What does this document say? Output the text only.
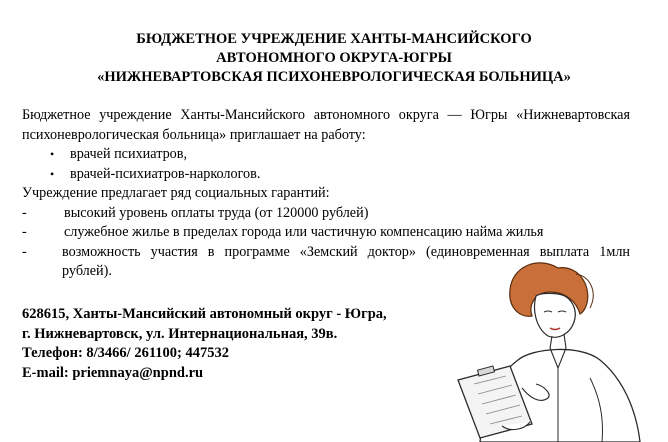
БЮДЖЕТНОЕ УЧРЕЖДЕНИЕ ХАНТЫ-МАНСИЙСКОГО
АВТОНОМНОГО ОКРУГА-ЮГРЫ
«НИЖНЕВАРТОВСКАЯ ПСИХОНЕВРОЛОГИЧЕСКАЯ БОЛЬНИЦА»

Бюджетное учреждение Ханты-Мансийского автономного округа — Югры «Нижневартовская психоневрологическая больница» приглашает на работу:

• врачей психиатров,
• врачей-психиатров-наркологов.

Учреждение предлагает ряд социальных гарантий:

-	высокий уровень оплаты труда (от 120000 рублей)
-	служебное жилье в пределах города или частичную компенсацию найма жилья
- возможность участия в программе «Земский доктор» (единовременная выплата 1млн рублей).
628615, Ханты-Мансийский автономный округ - Югра,
г. Нижневартовск, ул. Интернациональная, 39в.
Телефон: 8/3466/ 261100; 447532
E-mail: priemnaya@npnd.ru
